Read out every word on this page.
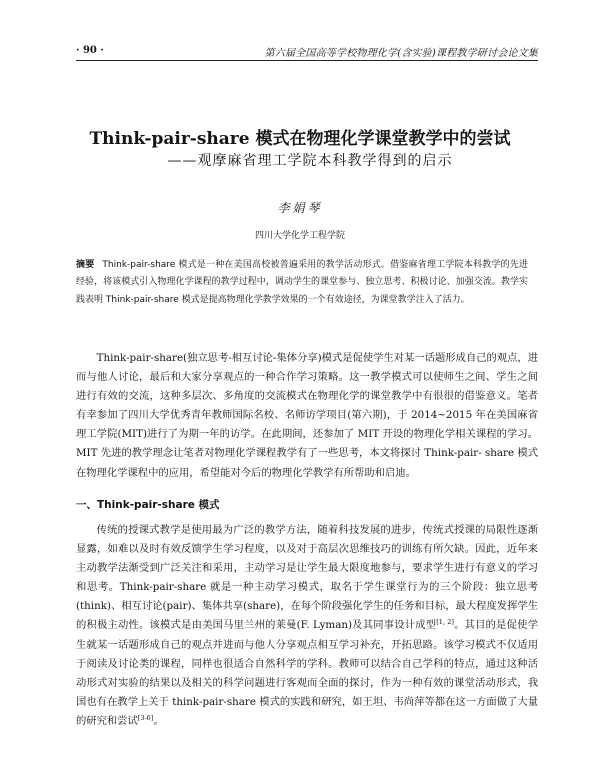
· 90 ·	第六届全国高等学校物理化学(含实验)课程教学研讨会论文集
Think-pair-share 模式在物理化学课堂教学中的尝试
——观摩麻省理工学院本科教学得到的启示
李娟琴
四川大学化学工程学院
摘要 Think-pair-share 模式是一种在美国高校被普遍采用的教学活动形式。借鉴麻省理工学院本科教学的先进经验，将该模式引入物理化学课程的教学过程中，调动学生的课堂参与、独立思考、积极讨论、加强交流。教学实践表明 Think-pair-share 模式是提高物理化学教学效果的一个有效途径，为课堂教学注入了活力。

Think-pair-share(独立思考-相互讨论-集体分享)模式是促使学生对某一话题形成自己的观点，进而与他人讨论，最后和大家分享观点的一种合作学习策略。这一教学模式可以使师生之间、学生之间进行有效的交流，这种多层次、多角度的交流模式在物理化学的课堂教学中有很很的借鉴意义。笔者有幸参加了四川大学优秀青年教师国际名校、名师访学项目(第六期)，于 2014~2015 年在美国麻省理工学院(MIT)进行了为期一年的访学。在此期间，还参加了 MIT 开设的物理化学相关课程的学习。MIT 先进的教学理念让笔者对物理化学课程教学有了一些思考，本文将探讨 Think-pair- share 模式在物理化学课程中的应用，希望能对今后的物理化学教学有所帮助和启迪。

一、Think-pair-share 模式

传统的授课式教学是使用最为广泛的教学方法，随着科技发展的进步，传统式授课的局限性逐渐显露，如难以及时有效反馈学生学习程度，以及对于高层次思维技巧的训练有所欠缺。因此，近年来主动教学法渐受到广泛关注和采用，主动学习是让学生最大限度地参与，要求学生进行有意义的学习和思考。Think-pair-share 就是一种主动学习模式，取名于学生课堂行为的三个阶段：独立思考(think)、相互讨论(pair)、集体共享(share)，在每个阶段强化学生的任务和目标，最大程度发挥学生的积极主动性。该模式是由美国马里兰州的莱曼(F. Lyman)及其同事设计成型[1, 2]。其目的是促使学生就某一话题形成自己的观点并进而与他人分享观点相互学习补充，开拓思路。该学习模式不仅适用于阅读及讨论类的课程，同样也很适合自然科学的学科。教师可以结合自己学科的特点，通过这种活动形式对实验的结果以及相关的科学问题进行客观而全面的探讨，作为一种有效的课堂活动形式，我国也有在教学上关于 think-pair-share 模式的实践和研究，如王坦、韦尚萍等都在这一方面做了大量的研究和尝试[3-6]。
